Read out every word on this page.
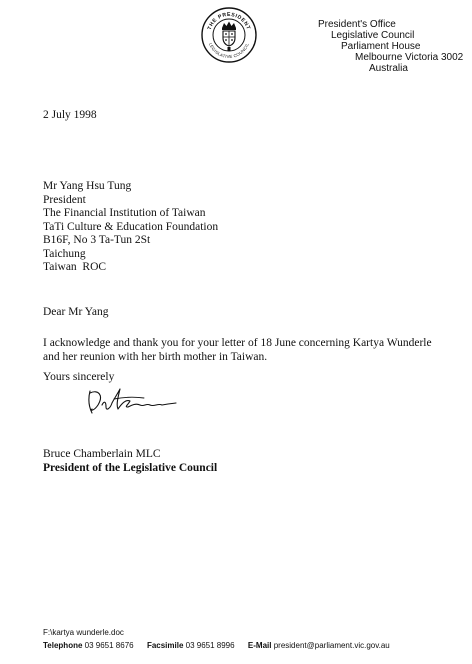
THE PRESIDENT
LEGISLATIVE COUNCIL
President's Office
Legislative Council
Parliament House
Melbourne Victoria 3002
Australia
2 July 1998
Mr Yang Hsu Tung
President
The Financial Institution of Taiwan
TaTi Culture & Education Foundation
B16F, No 3 Ta-Tun 2St
Taichung
Taiwan  ROC
Dear Mr Yang
I acknowledge and thank you for your letter of 18 June concerning Kartya Wunderle and her reunion with her birth mother in Taiwan.
Yours sincerely
Bruce Chamberlain MLC
President of the Legislative Council
F:\kartya wunderle.doc
Telephone 03 9651 8676 Facsimile 03 9651 8996 E-Mail president@parliament.vic.gov.au
